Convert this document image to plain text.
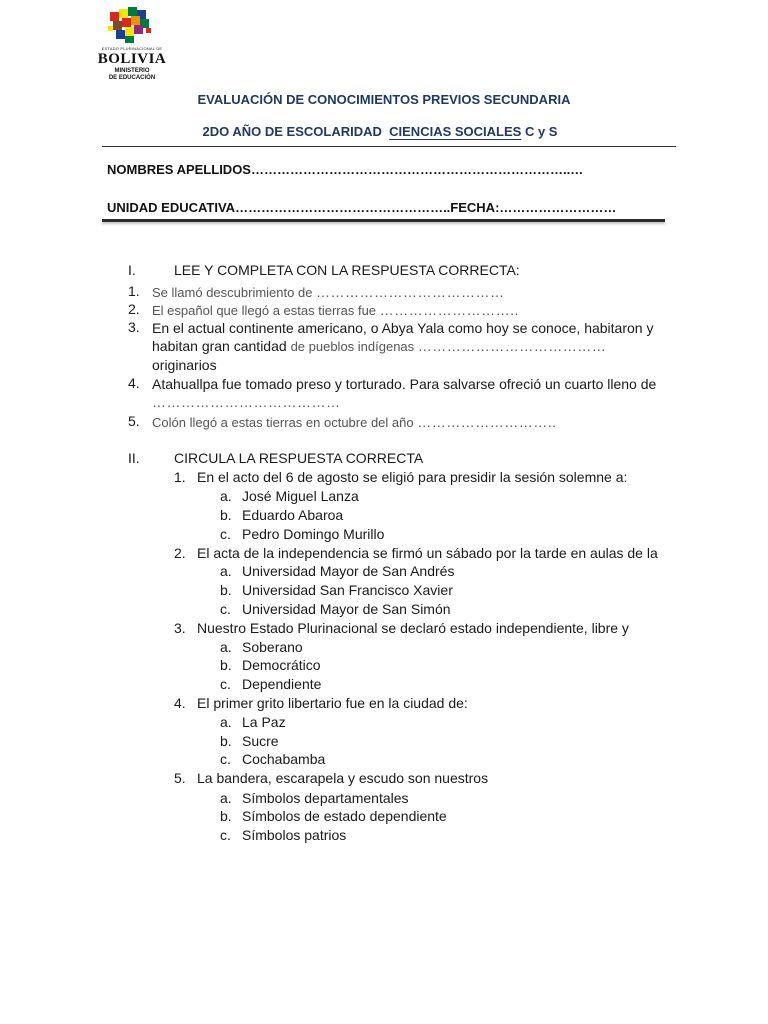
ESTADO PLURINACIONAL DE
BOLIVIA
MINISTERIO
DE EDUCACIÓN
EVALUACIÓN DE CONOCIMIENTOS PREVIOS SECUNDARIA
2DO AÑO DE ESCOLARIDAD CIENCIAS SOCIALES C y S
NOMBRES APELLIDOS………………………………………………………………..…
UNIDAD EDUCATIVA…………………………………………..FECHA:………………………
I.	LEE Y COMPLETA CON LA RESPUESTA CORRECTA:
1. Se llamó descubrimiento de …………………………………
2. El español que llegó a estas tierras fue ………………………..
3. En el actual continente americano, o Abya Yala como hoy se conoce, habitaron y habitan gran cantidad de pueblos indígenas …………………………………
originarios
4. Atahuallpa fue tomado preso y torturado. Para salvarse ofreció un cuarto lleno de
…………………………………
5. Colón llegó a estas tierras en octubre del año ………………………..
II. CIRCULA LA RESPUESTA CORRECTA
1. En el acto del 6 de agosto se eligió para presidir la sesión solemne a:
a. José Miguel Lanza
b. Eduardo Abaroa
c. Pedro Domingo Murillo
2. El acta de la independencia se firmó un sábado por la tarde en aulas de la
a. Universidad Mayor de San Andrés
b. Universidad San Francisco Xavier
c. Universidad Mayor de San Simón
3. Nuestro Estado Plurinacional se declaró estado independiente, libre y
a. Soberano
b. Democrático
c. Dependiente
4. El primer grito libertario fue en la ciudad de:
a. La Paz
b. Sucre
c. Cochabamba
5. La bandera, escarapela y escudo son nuestros
a. Símbolos departamentales
b. Símbolos de estado dependiente
c. Símbolos patrios
